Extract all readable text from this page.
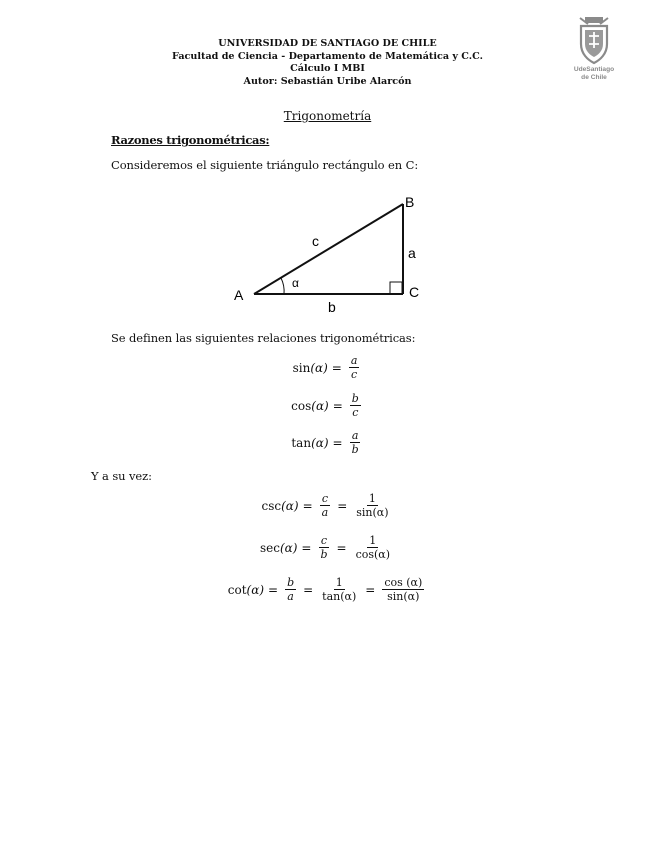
UNIVERSIDAD DE SANTIAGO DE CHILE
Facultad de Ciencia - Departamento de Matemática y C.C.
Cálculo I MBI
Autor: Sebastián Uribe Alarcón
UdeSantiago
de Chile
Trigonometría
Razones trigonométricas:
Consideremos el siguiente triángulo rectángulo en C:
A
B
C
a
b
c
α
Se definen las siguientes relaciones trigonométricas:
$\sin (\alpha) = \frac{a}{c}$
$\cos (\alpha) = \frac{b}{c}$
$\tan (\alpha) = \frac{a}{b}$
Y a su vez:
$\csc (\alpha) = \frac{c}{a} = \frac{1}{\sin(\alpha)}$
$\sec (\alpha) = \frac{c}{b} = \frac{1}{\cos(\alpha)}$
$\cot (\alpha) = \frac{b}{a} = \frac{1}{\tan(\alpha)} = \frac{\cos (\alpha)}{\sin(\alpha)}$
